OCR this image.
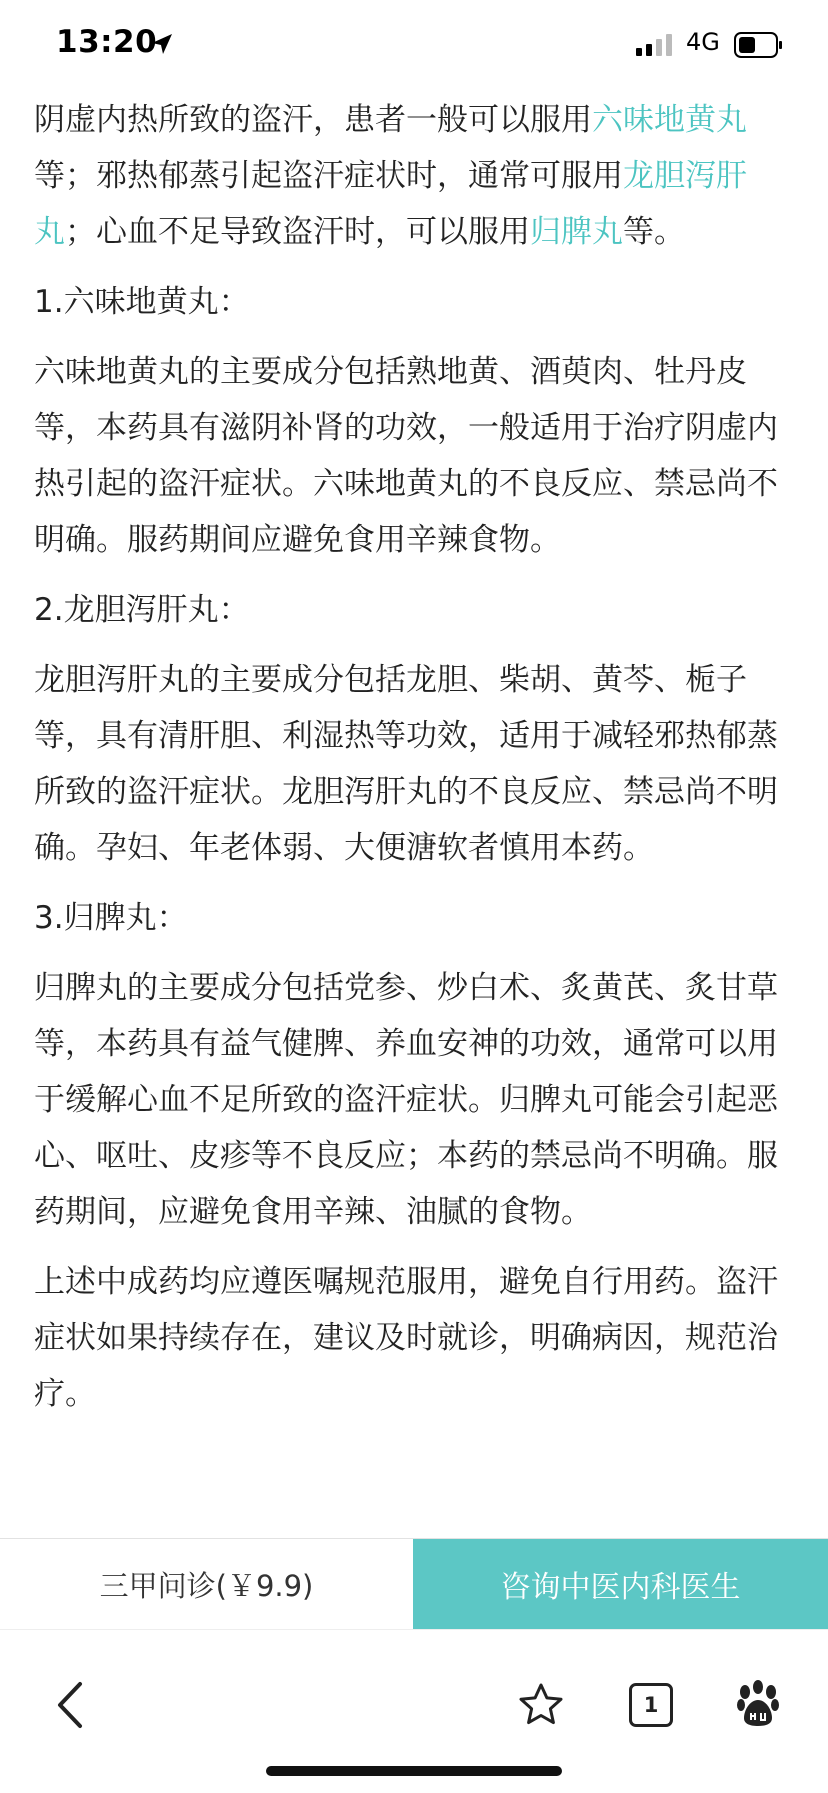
13:20	4G

阴虚内热所致的盗汗，患者一般可以服用六味地黄丸等；邪热郁蒸引起盗汗症状时，通常可服用龙胆泻肝丸；心血不足导致盗汗时，可以服用归脾丸等。

1.六味地黄丸：

六味地黄丸的主要成分包括熟地黄、酒萸肉、牡丹皮等，本药具有滋阴补肾的功效，一般适用于治疗阴虚内热引起的盗汗症状。六味地黄丸的不良反应、禁忌尚不明确。服药期间应避免食用辛辣食物。

2.龙胆泻肝丸：

龙胆泻肝丸的主要成分包括龙胆、柴胡、黄芩、栀子等，具有清肝胆、利湿热等功效，适用于减轻邪热郁蒸所致的盗汗症状。龙胆泻肝丸的不良反应、禁忌尚不明确。孕妇、年老体弱、大便溏软者慎用本药。

3.归脾丸：

归脾丸的主要成分包括党参、炒白术、炙黄芪、炙甘草等，本药具有益气健脾、养血安神的功效，通常可以用于缓解心血不足所致的盗汗症状。归脾丸可能会引起恶心、呕吐、皮疹等不良反应；本药的禁忌尚不明确。服药期间，应避免食用辛辣、油腻的食物。

上述中成药均应遵医嘱规范服用，避免自行用药。盗汗症状如果持续存在，建议及时就诊，明确病因，规范治疗。

三甲问诊(￥9.9)	咨询中医内科医生
1
